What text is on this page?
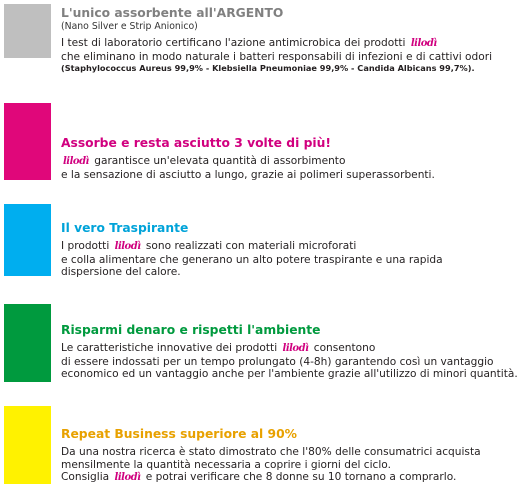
L'unico assorbente all'ARGENTO
(Nano Silver e Strip Anionico)
I test di laboratorio certificano l'azione antimicrobica dei prodotti lilodì
che eliminano in modo naturale i batteri responsabili di infezioni e di cattivi odori
(Staphylococcus Aureus 99,9% - Klebsiella Pneumoniae 99,9% - Candida Albicans 99,7%).
Assorbe e resta asciutto 3 volte di più!
lilodì garantisce un'elevata quantità di assorbimento
e la sensazione di asciutto a lungo, grazie ai polimeri superassorbenti.
Il vero Traspirante
I prodotti lilodì sono realizzati con materiali microforati
e colla alimentare che generano un alto potere traspirante e una rapida
dispersione del calore.
Risparmi denaro e rispetti l'ambiente
Le caratteristiche innovative dei prodotti lilodì consentono
di essere indossati per un tempo prolungato (4-8h) garantendo così un vantaggio
economico ed un vantaggio anche per l'ambiente grazie all'utilizzo di minori quantità.
Repeat Business superiore al 90%
Da una nostra ricerca è stato dimostrato che l'80% delle consumatrici acquista
mensilmente la quantità necessaria a coprire i giorni del ciclo.
Consiglia lilodì e potrai verificare che 8 donne su 10 tornano a comprarlo.
